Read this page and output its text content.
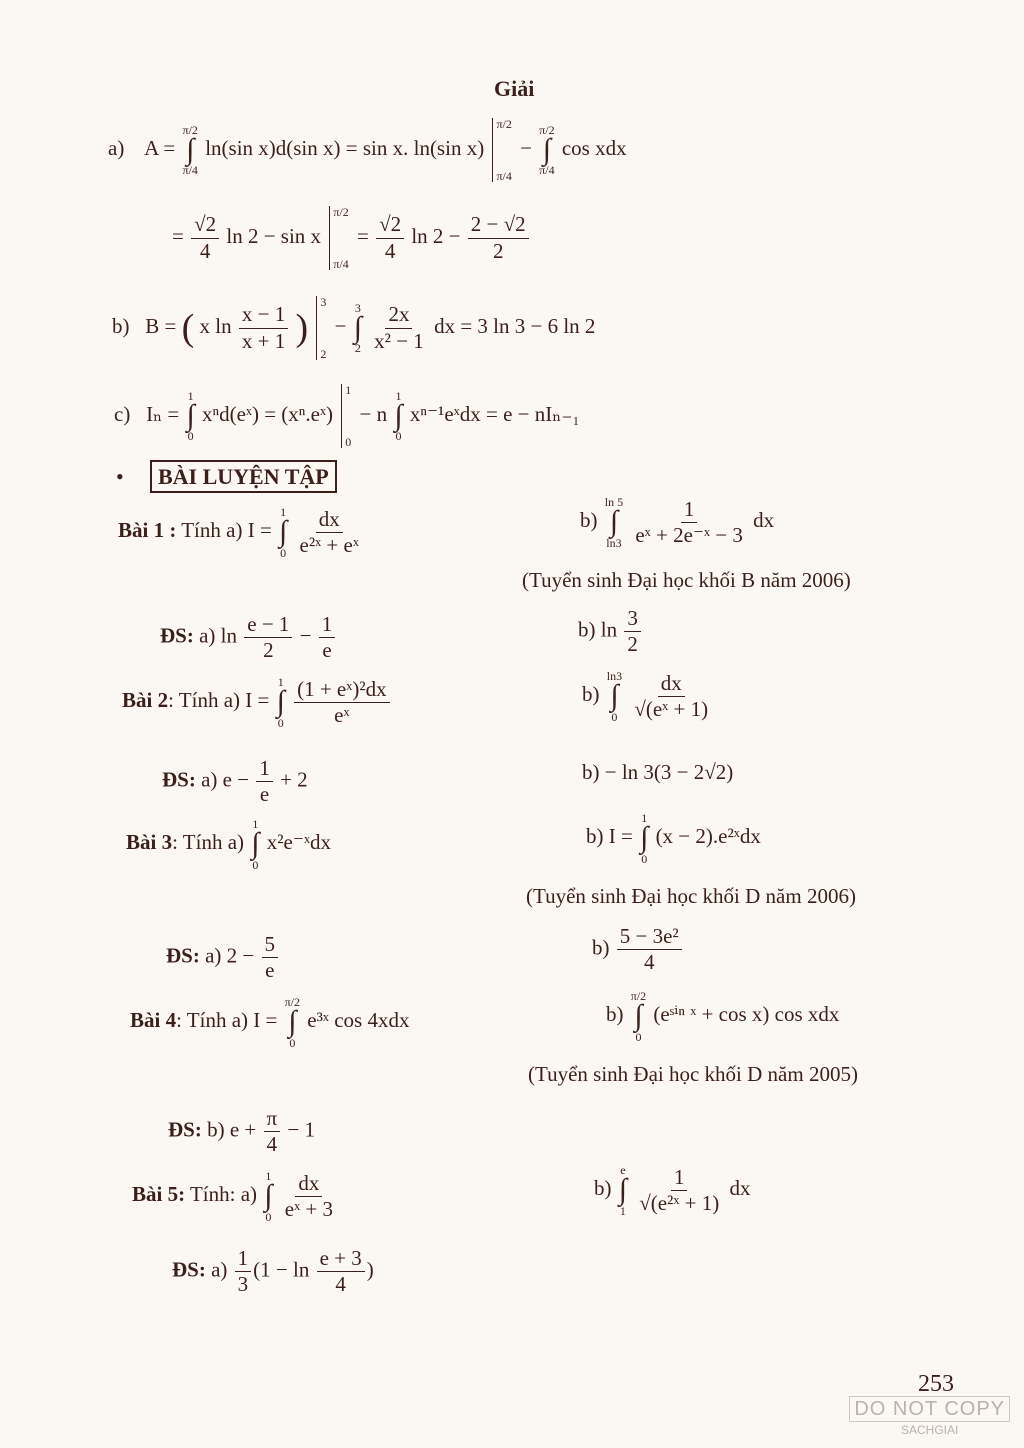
Giải
a) A =
π/2
∫
π/4
ln(sin x)d(sin x) = sin x. ln(sin x)
π/2
π/4
−
π/2
∫
π/4
cos xdx
= $\frac{√2}{4}$ ln 2 − sin x
π/2
π/4
= $\frac{√2}{4}$ $\ln 2 - \frac{2 - √2}{2}$
b) B = ( x $\ln \frac{x - 1}{x + 1}$ )
3
2
−
3
∫
2
$\frac{2x}{\text{x² − 1}}$ dx = 3 ln 3 − 6 ln 2
c) Iₙ =
1
∫
0
xⁿd(eˣ) = (xⁿ.eˣ)
1
0
− n
1
∫
0
xⁿ⁻¹eˣdx = e − nIₙ₋₁
• BÀI LUYỆN TẬP
Bài 1 : Tính a) I =
1
∫
0
$\frac{dx}{\text{e²ˣ + eˣ}}$	b)
ln 5
∫
ln3
$\frac{1}{\text{eˣ + 2e⁻ˣ − 3}}$ dx
(Tuyển sinh Đại học khối B năm 2006)
ĐS: a) $\ln \frac{e - 1}{2} - \frac{1}{e}$	b) $\ln \frac{3}{2}$
Bài 2: Tính a) I =
1
∫
0
$\frac{\text{(1 + eˣ)²dx}}{\text{eˣ}}$	b)
ln3
∫
0
$\frac{dx}{\text{√(eˣ + 1)}}$
ĐS: a) $e - \frac{1}{e} + 2$	b) − ln 3(3 − 2√2)
Bài 3: Tính a)
1
∫
0
x²e⁻ˣdx	b) I =
1
∫
0
(x − 2).e²ˣdx
(Tuyển sinh Đại học khối D năm 2006)
ĐS: a) $2 - \frac{5}{e}$	$b) \frac{\text{5 − 3e²}}{4}$
Bài 4: Tính a) I =
π/2
∫
0
e³ˣ cos 4xdx	b)
π/2
∫
0
(eˢⁱⁿ ˣ + cos x) cos xdx
(Tuyển sinh Đại học khối D năm 2005)
ĐS: b) $e + \frac{\pi}{4} - 1$
Bài 5: Tính: a)
1
∫
0
$\frac{dx}{\text{eˣ + 3}}$	b)
e
∫
1
$\frac{1}{\text{√(e²ˣ + 1)}}$ dx
ĐS: $a) \frac{1}{3} (1 - \ln \frac{e + 3}{4}$ )
253
DO NOT COPY
SACHGIAI
